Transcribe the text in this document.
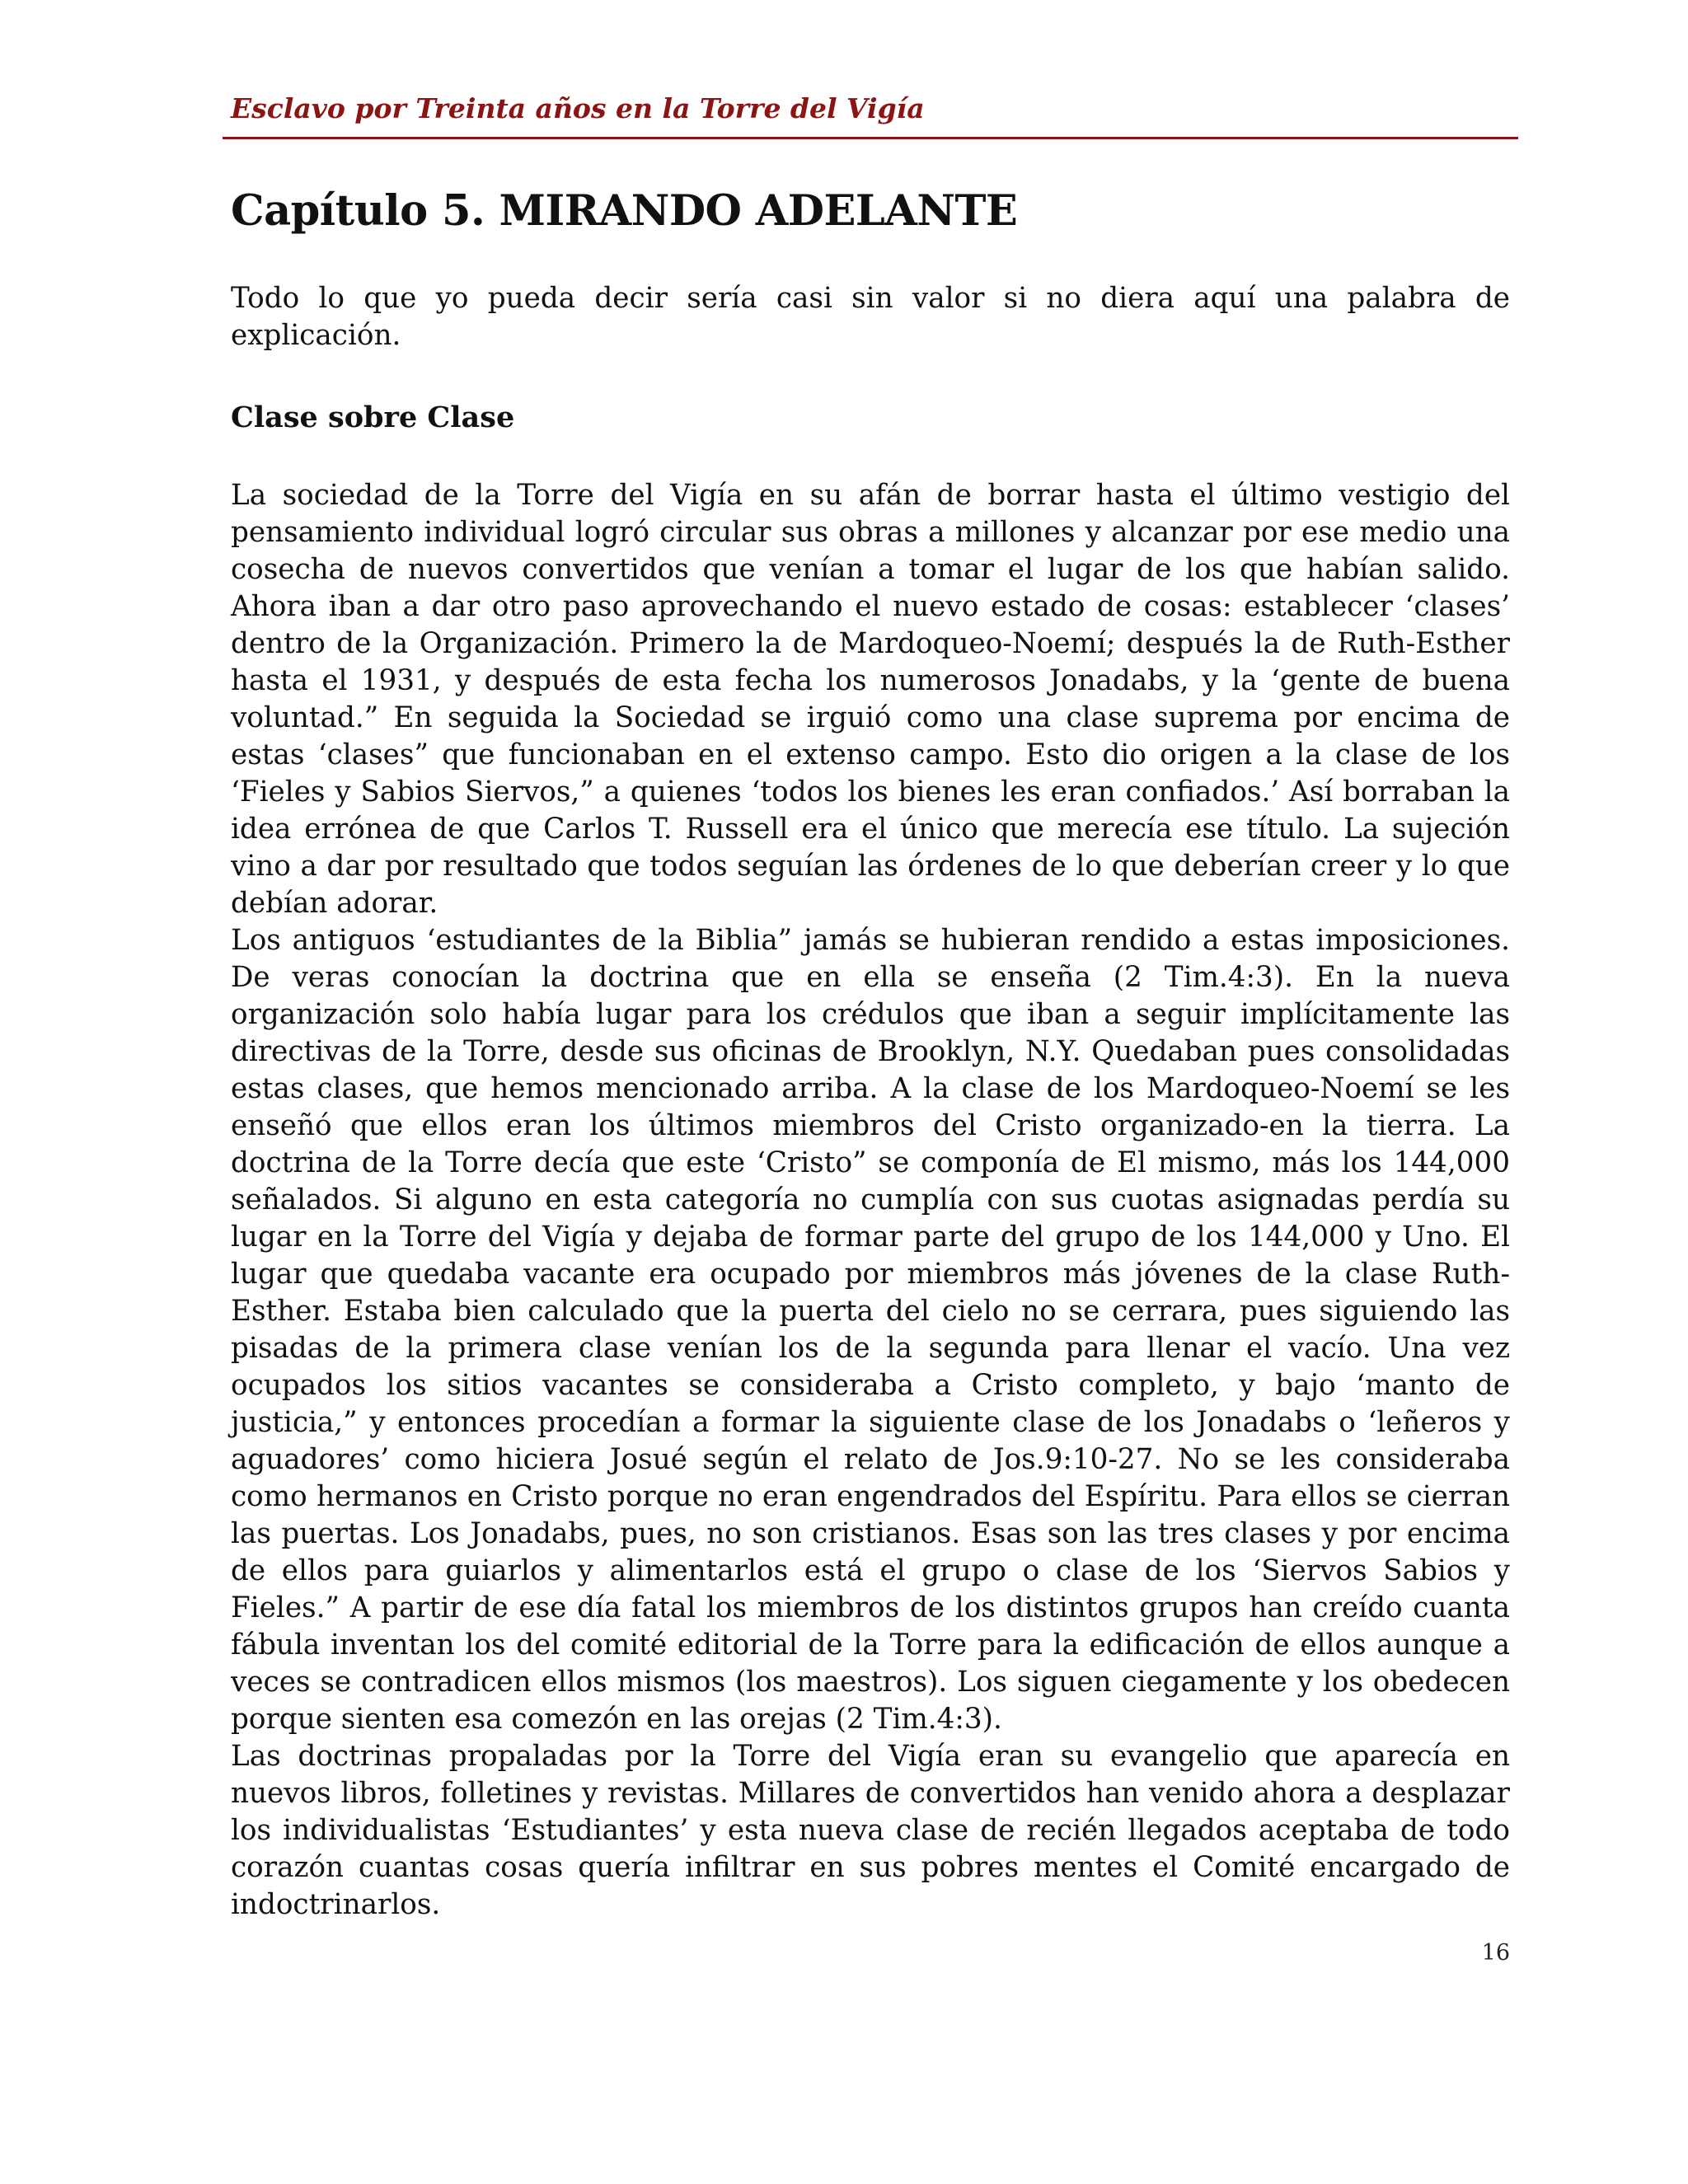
Esclavo por Treinta años en la Torre del Vigía
Capítulo 5. MIRANDO ADELANTE

Todo lo que yo pueda decir sería casi sin valor si no diera aquí una palabra de explicación.

Clase sobre Clase

La sociedad de la Torre del Vigía en su afán de borrar hasta el último vestigio del pensamiento individual logró circular sus obras a millones y alcanzar por ese medio una cosecha de nuevos convertidos que venían a tomar el lugar de los que habían salido. Ahora iban a dar otro paso aprovechando el nuevo estado de cosas: establecer ‘clases’ dentro de la Organización. Primero la de Mardoqueo-Noemí; después la de Ruth-Esther hasta el 1931, y después de esta fecha los numerosos Jonadabs, y la ‘gente de buena voluntad.” En seguida la Sociedad se irguió como una clase suprema por encima de estas ‘clases” que funcionaban en el extenso campo. Esto dio origen a la clase de los ‘Fieles y Sabios Siervos,” a quienes ‘todos los bienes les eran confiados.’ Así borraban la idea errónea de que Carlos T. Russell era el único que merecía ese título. La sujeción vino a dar por resultado que todos seguían las órdenes de lo que deberían creer y lo que debían adorar.

Los antiguos ‘estudiantes de la Biblia” jamás se hubieran rendido a estas imposiciones. De veras conocían la doctrina que en ella se enseña (2 Tim.4:3). En la nueva organización solo había lugar para los crédulos que iban a seguir implícitamente las directivas de la Torre, desde sus oficinas de Brooklyn, N.Y. Quedaban pues consolidadas estas clases, que hemos mencionado arriba. A la clase de los Mardoqueo-Noemí se les enseñó que ellos eran los últimos miembros del Cristo organizado-en la tierra. La doctrina de la Torre decía que este ‘Cristo” se componía de El mismo, más los 144,000 señalados. Si alguno en esta categoría no cumplía con sus cuotas asignadas perdía su lugar en la Torre del Vigía y dejaba de formar parte del grupo de los 144,000 y Uno. El lugar que quedaba vacante era ocupado por miembros más jóvenes de la clase Ruth-Esther. Estaba bien calculado que la puerta del cielo no se cerrara, pues siguiendo las pisadas de la primera clase venían los de la segunda para llenar el vacío. Una vez ocupados los sitios vacantes se consideraba a Cristo completo, y bajo ‘manto de justicia,” y entonces procedían a formar la siguiente clase de los Jonadabs o ‘leñeros y aguadores’ como hiciera Josué según el relato de Jos.9:10-27. No se les consideraba como hermanos en Cristo porque no eran engendrados del Espíritu. Para ellos se cierran las puertas. Los Jonadabs, pues, no son cristianos. Esas son las tres clases y por encima de ellos para guiarlos y alimentarlos está el grupo o clase de los ‘Siervos Sabios y Fieles.” A partir de ese día fatal los miembros de los distintos grupos han creído cuanta fábula inventan los del comité editorial de la Torre para la edificación de ellos aunque a veces se contradicen ellos mismos (los maestros). Los siguen ciegamente y los obedecen porque sienten esa comezón en las orejas (2 Tim.4:3).

Las doctrinas propaladas por la Torre del Vigía eran su evangelio que aparecía en nuevos libros, folletines y revistas. Millares de convertidos han venido ahora a desplazar los individualistas ‘Estudiantes’ y esta nueva clase de recién llegados aceptaba de todo corazón cuantas cosas quería infiltrar en sus pobres mentes el Comité encargado de indoctrinarlos.

16
